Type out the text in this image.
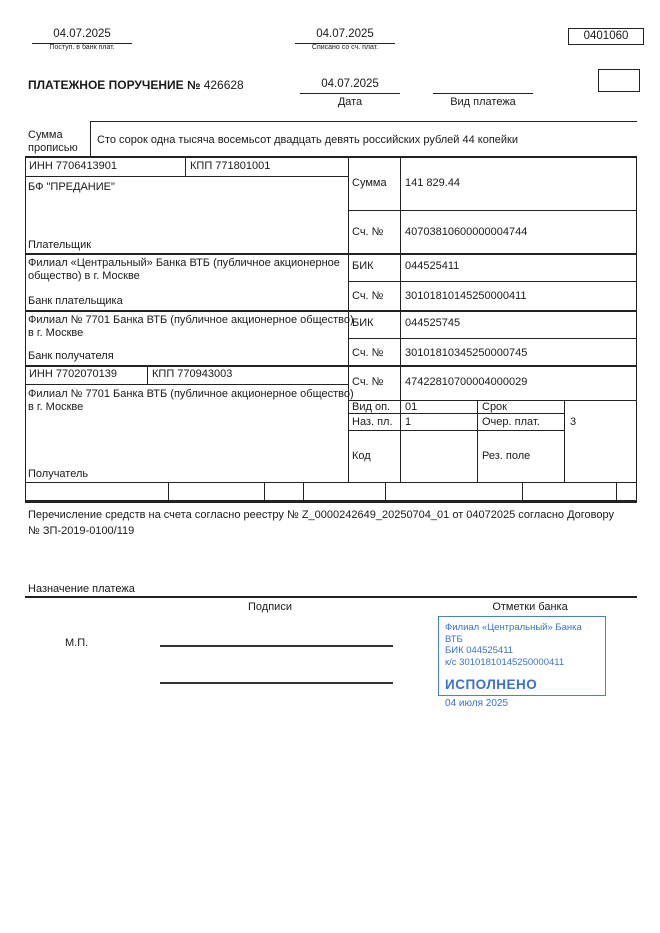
04.07.2025
Поступ. в банк плат.
04.07.2025
Списано со сч. плат.
0401060
ПЛАТЕЖНОЕ ПОРУЧЕНИЕ № 426628	04.07.2025
Дата
	Вид платежа
Сумма прописью
Сто сорок одна тысяча восемьсот двадцать девять российских рублей 44 копейки
ИНН 7706413901	КПП 771801001
БФ "ПРЕДАНИЕ"
Плательщик
Сумма 141 829.44
Сч. № 40703810600000004744
Филиал «Центральный» Банка ВТБ (публичное акционерное общество) в г. Москве
Банк плательщика
БИК	044525411
Сч. № 30101810145250000411
Филиал № 7701 Банка ВТБ (публичное акционерное общество) в г. Москве
Банк получателя
БИК	044525745
Сч. № 30101810345250000745
ИНН 7702070139	КПП 770943003
Филиал № 7701 Банка ВТБ (публичное акционерное общество) в г. Москве
Получатель
Сч. № 47422810700004000029
Вид оп. 01	Срок
Наз. пл. 1	Очер. плат.	3
Код	Рез. поле
Перечисление средств на счета согласно реестру № Z_0000242649_20250704_01 от 04072025 согласно Договору № ЗП-2019-0100/119
Назначение платежа
Подписи	Отметки банка
М.П.
Филиал «Центральный» Банка ВТБ
БИК 044525411
к/с 30101810145250000411
ИСПОЛНЕНО
04 июля 2025
